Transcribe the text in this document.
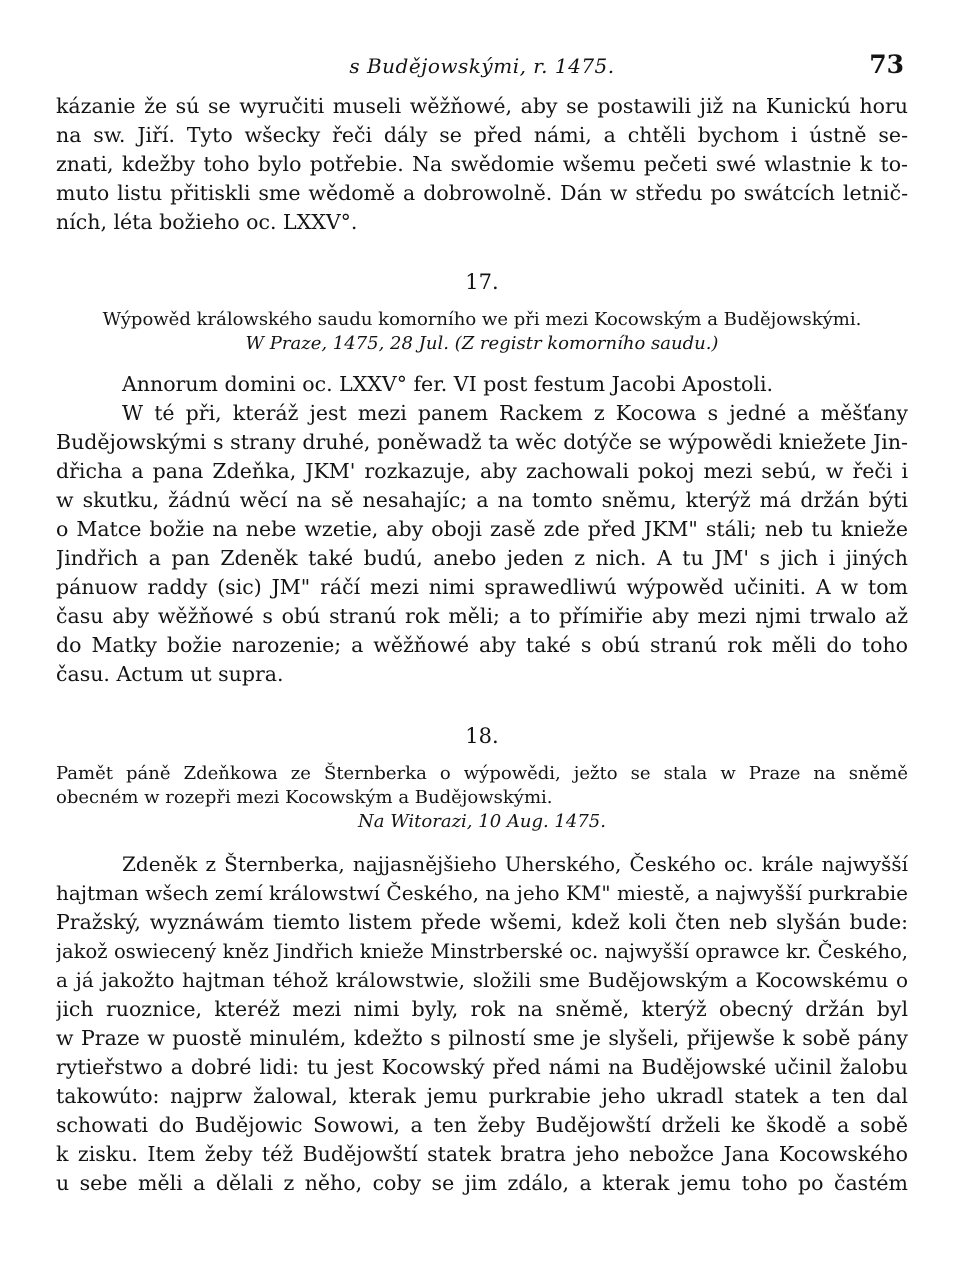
s Budějowskými, r. 1475.	73
kázanie že sú se wyručiti museli wěžňowé, aby se postawili již na Kunickú horu
na sw. Jiří. Tyto wšecky řeči dály se před námi, a chtěli bychom i ústně se-
znati, kdežby toho bylo potřebie. Na swědomie wšemu pečeti swé wlastnie k to-
muto listu přitiskli sme wědomě a dobrowolně. Dán w středu po swátcích letnič-
ních, léta božieho oc. LXXV°.
17.
Wýpowěd králowského saudu komorního we při mezi Kocowským a Budějowskými.
W Praze, 1475, 28 Jul. (Z registr komorního saudu.)
Annorum domini oc. LXXV° fer. VI post festum Jacobi Apostoli.
W té při, kteráž jest mezi panem Rackem z Kocowa s jedné a měšťany
Budějowskými s strany druhé, poněwadž ta wěc dotýče se wýpowědi kniežete Jin-
dřicha a pana Zdeňka, JKM' rozkazuje, aby zachowali pokoj mezi sebú, w řeči i
w skutku, žádnú wěcí na sě nesahajíc; a na tomto sněmu, kterýž má držán býti
o Matce božie na nebe wzetie, aby oboji zasě zde před JKM" stáli; neb tu knieže
Jindřich a pan Zdeněk také budú, anebo jeden z nich. A tu JM' s jich i jiných
pánuow raddy (sic) JM" ráčí mezi nimi sprawedliwú wýpowěd učiniti. A w tom
času aby wěžňowé s obú stranú rok měli; a to přímiřie aby mezi njmi trwalo až
do Matky božie narozenie; a wěžňowé aby také s obú stranú rok měli do toho
času. Actum ut supra.
18.
Pamět páně Zdeňkowa ze Šternberka o wýpowědi, ježto se stala w Praze na sněmě
obecném w rozepři mezi Kocowským a Budějowskými.
Na Witorazi, 10 Aug. 1475.
Zdeněk z Šternberka, najjasnějšieho Uherského, Českého oc. krále najwyšší
hajtman wšech zemí králowstwí Českého, na jeho KM" miestě, a najwyšší purkrabie
Pražský, wyznáwám tiemto listem přede wšemi, kdež koli čten neb slyšán bude:
jakož oswiecený kněz Jindřich knieže Minstrberské oc. najwyšší oprawce kr. Českého,
a já jakožto hajtman téhož králowstwie, složili sme Budějowským a Kocowskému o
jich ruoznice, kteréž mezi nimi byly, rok na sněmě, kterýž obecný držán byl
w Praze w puostě minulém, kdežto s pilností sme je slyšeli, přijewše k sobě pány
rytieřstwo a dobré lidi: tu jest Kocowský před námi na Budějowské učinil žalobu
takowúto: najprw žalowal, kterak jemu purkrabie jeho ukradl statek a ten dal
schowati do Budějowic Sowowi, a ten žeby Budějowští drželi ke škodě a sobě
k zisku. Item žeby též Budějowští statek bratra jeho nebožce Jana Kocowského
u sebe měli a dělali z něho, coby se jim zdálo, a kterak jemu toho po častém
